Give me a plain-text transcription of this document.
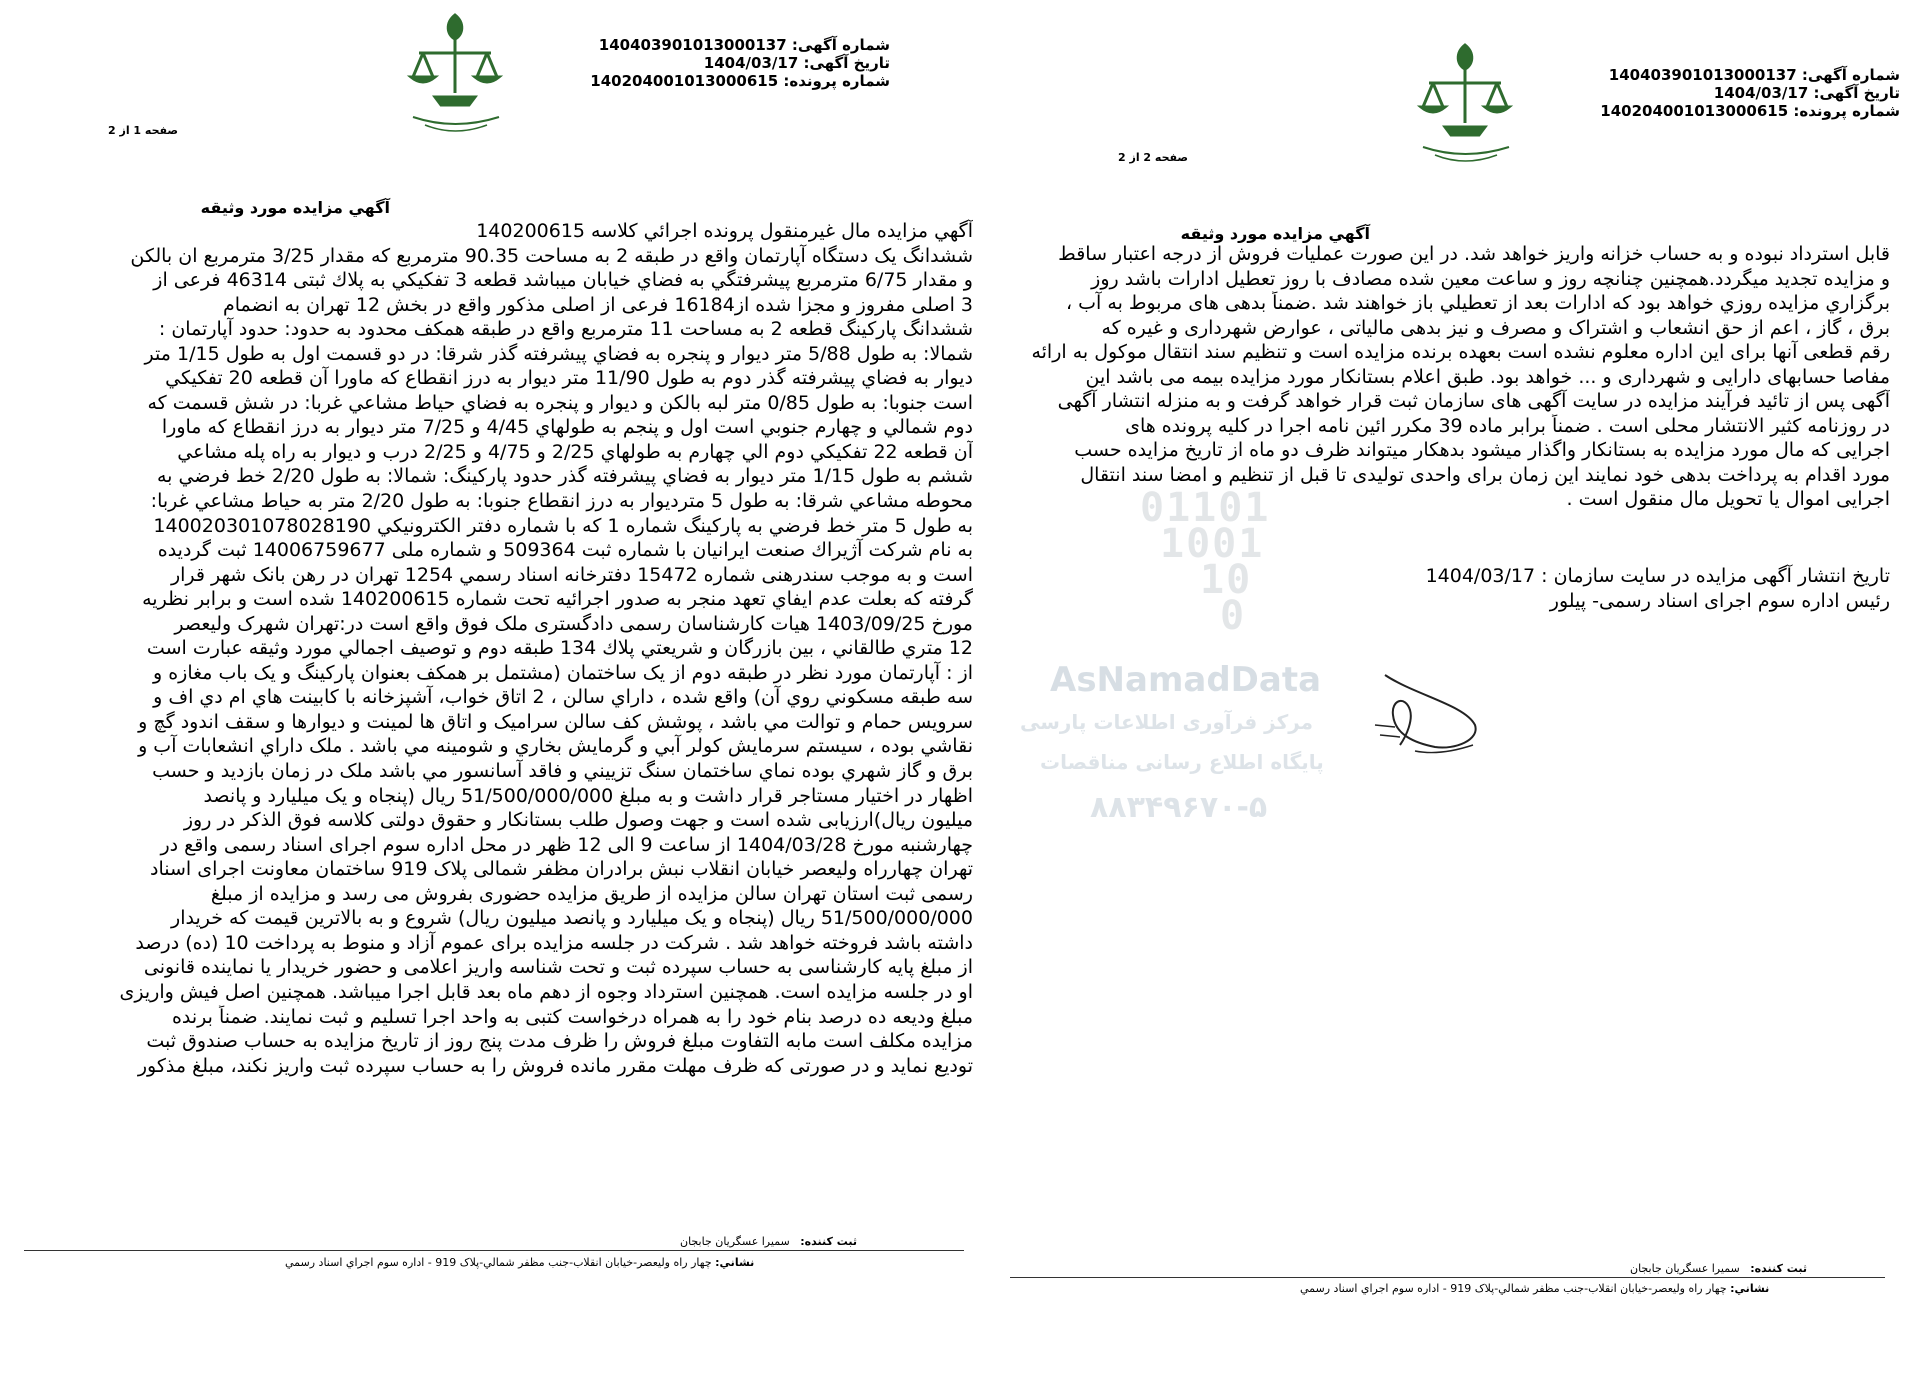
شماره آگهی: 140403901013000137
تاریخ آگهی: 1404/03/17
شماره پرونده: 140204001013000615
صفحه 1 از 2
آگهي مزايده مورد وثيقه
آگهي مزايده مال غيرمنقول پرونده اجرائي كلاسه 140200615
ششدانگ یک دستگاه آپارتمان واقع در طبقه 2 به مساحت 90.35 مترمربع كه مقدار 3/25 مترمربع ان بالكن
و مقدار 6/75 مترمربع پيشرفتگي به فضاي خيابان ميباشد قطعه 3 تفكيكي به پلاك ثبتی 46314 فرعی از
3 اصلی مفروز و مجزا شده از16184 فرعی از اصلی مذکور واقع در بخش 12 تهران به انضمام
ششدانگ پاركينگ قطعه 2 به مساحت 11 مترمربع واقع در طبقه همكف محدود به حدود: حدود آپارتمان :
شمالا: به طول 5/88 متر ديوار و پنجره به فضاي پيشرفته گذر شرقا: در دو قسمت اول به طول 1/15 متر
ديوار به فضاي پيشرفته گذر دوم به طول 11/90 متر ديوار به درز انقطاع كه ماورا آن قطعه 20 تفكيكي
است جنوبا: به طول 0/85 متر لبه بالكن و ديوار و پنجره به فضاي حياط مشاعي غربا: در شش قسمت كه
دوم شمالي و چهارم جنوبي است اول و پنجم به طولهاي 4/45 و 7/25 متر ديوار به درز انقطاع كه ماورا
آن قطعه 22 تفكيكي دوم الي چهارم به طولهاي 2/25 و 4/75 و 2/25 درب و ديوار به راه پله مشاعي
ششم به طول 1/15 متر ديوار به فضاي پيشرفته گذر حدود پاركينگ: شمالا: به طول 2/20 خط فرضي به
محوطه مشاعي شرقا: به طول 5 متر‌ديوار به درز انقطاع جنوبا: به طول 2/20 متر به حياط مشاعي غربا:
به طول 5 متر خط فرضي به پاركينگ شماره 1 كه با شماره دفتر الكترونيكي 140020301078028190
به نام شركت آژيراك صنعت ايرانيان با شماره ثبت 509364 و شماره ملی 14006759677 ثبت گرديده
است و به موجب سندرهنی شماره 15472 دفترخانه اسناد رسمي 1254 تهران در رهن بانک شهر قرار
گرفته كه بعلت عدم ايفاي تعهد منجر به صدور اجرائيه تحت شماره 140200615 شده است و برابر نظريه
مورخ 1403/09/25 هيات كارشناسان رسمی دادگستری ملک فوق واقع است در:تهران شهرک وليعصر
12 متري طالقاني ، بين بازرگان و شريعتي پلاك 134 طبقه دوم و توصيف اجمالي مورد وثيقه عبارت است
از : آپارتمان مورد نظر در طبقه دوم از يک ساختمان (مشتمل بر همكف بعنوان پاركينگ و يک باب مغازه و
سه طبقه مسكوني روي آن) واقع شده ، داراي سالن ، 2 اتاق خواب، آشپزخانه با كابينت هاي ام دي اف و
سرويس حمام و توالت مي باشد ، پوشش كف سالن سراميک و اتاق ها لمينت و ديوارها و سقف اندود گچ و
نقاشي بوده ، سيستم سرمايش كولر آبي و گرمايش بخاري و شومينه مي باشد . ملک داراي انشعابات آب و
برق و گاز شهري بوده نماي ساختمان سنگ تزييني و فاقد آسانسور مي باشد ملک در زمان بازديد و حسب
اظهار در اختيار مستاجر قرار داشت و به مبلغ 51/500/000/000 ريال (پنجاه و یک میلیارد و پانصد
میلیون ريال)ارزيابی شده است و جهت وصول طلب بستانكار و حقوق دولتی كلاسه فوق الذكر در روز
چهارشنبه مورخ 1404/03/28 از ساعت 9 الی 12 ظهر در محل اداره سوم اجرای اسناد رسمی واقع در
تهران چهارراه وليعصر خيابان انقلاب نبش برادران مظفر شمالی پلاک 919 ساختمان معاونت اجرای اسناد
رسمی ثبت استان تهران سالن مزايده از طریق مزایده حضوری بفروش می رسد و مزایده از مبلغ
51/500/000/000 ريال (پنجاه و یک میلیارد و پانصد میلیون ريال) شروع و به بالاترين قيمت كه خريدار
داشته باشد فروخته خواهد شد . شركت در جلسه مزايده برای عموم آزاد و منوط به پرداخت 10 (ده) درصد
از مبلغ پايه كارشناسی به حساب سپرده ثبت و تحت شناسه واريز اعلامی و حضور خريدار يا نماينده قانونی
او در جلسه مزايده است. همچنين استرداد وجوه از دهم ماه بعد قابل اجرا ميباشد. همچنين اصل فيش واريزی
مبلغ وديعه ده درصد بنام خود را به همراه درخواست كتبی به واحد اجرا تسليم و ثبت نمايند. ضمناً برنده
مزايده مكلف است مابه التفاوت مبلغ فروش را ظرف مدت پنج روز از تاريخ مزايده به حساب صندوق ثبت
توديع نمايد و در صورتی كه ظرف مهلت مقرر مانده فروش را به حساب سپرده ثبت واريز نكند، مبلغ مذكور
ثبت کننده:   سميرا عسگريان جابجان
نشاني: چهار راه وليعصر-خيابان انقلاب-جنب مظفر شمالي-پلاک 919 - اداره سوم اجراي اسناد رسمي
شماره آگهی: 140403901013000137
تاریخ آگهی: 1404/03/17
شماره پرونده: 140204001013000615
صفحه 2 از 2
آگهي مزايده مورد وثيقه
قابل استرداد نبوده و به حساب خزانه واريز خواهد شد. در اين صورت عمليات فروش از درجه اعتبار ساقط
و مزايده تجديد ميگردد.همچنين چنانچه روز و ساعت معين شده مصادف با روز تعطيل ادارات باشد روز
برگزاري مزايده روزي خواهد بود كه ادارات بعد از تعطيلي باز خواهند شد .ضمناً بدهی های مربوط به آب ،
برق ، گاز ، اعم از حق انشعاب و اشتراک و مصرف و نيز بدهی مالياتی ، عوارض شهرداری و غيره كه
رقم قطعی آنها برای اين اداره معلوم نشده است بعهده برنده مزايده است و تنظيم سند انتقال موكول به ارائه
مفاصا حسابهای دارايی و شهرداری و ... خواهد بود. طبق اعلام بستانكار مورد مزايده بيمه می باشد اين
آگهی پس از تائيد فرآيند مزايده در سايت آگهی های سازمان ثبت قرار خواهد گرفت و به منزله انتشار آگهی
در روزنامه كثير الانتشار محلی است . ضمناً برابر ماده 39 مكرر ائين نامه اجرا در كليه پرونده های
اجرايی كه مال مورد مزايده به بستانكار واگذار ميشود بدهكار ميتواند ظرف دو ماه از تاريخ مزايده حسب
مورد اقدام به پرداخت بدهی خود نمايند اين زمان برای واحدی توليدی تا قبل از تنظيم و امضا سند انتقال
اجرايی اموال يا تحويل مال منقول است .
تاريخ انتشار آگهی مزايده در سايت سازمان : 1404/03/17
رئيس اداره سوم اجرای اسناد رسمی- پيلور
ثبت کننده:   سميرا عسگريان جابجان
نشاني: چهار راه وليعصر-خيابان انقلاب-جنب مظفر شمالي-پلاک 919 - اداره سوم اجراي اسناد رسمي
01101
1001
10
0
AsNamadData
مرکز فرآوری اطلاعات پارسی
پایگاه اطلاع رسانی مناقصات
۸۸۳۴۹۶۷۰-۵
